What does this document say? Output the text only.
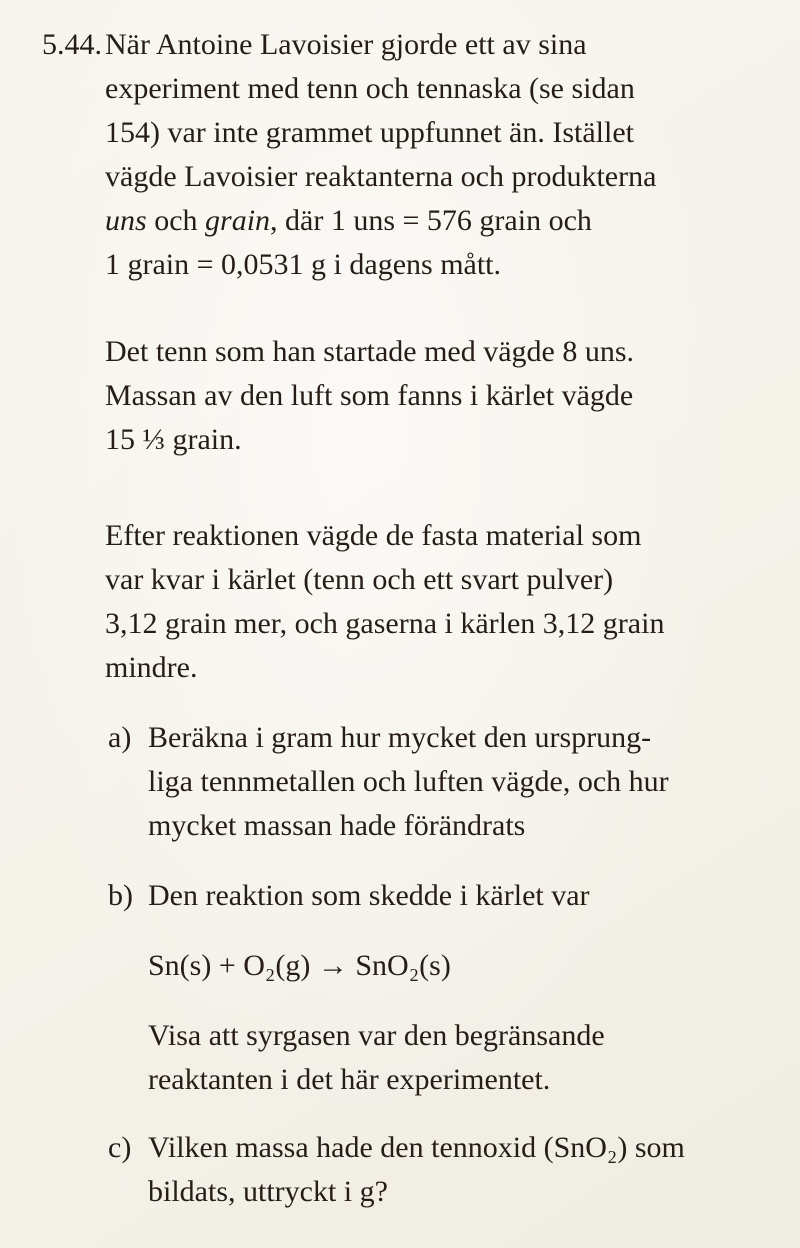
5.44. När Antoine Lavoisier gjorde ett av sina
experiment med tenn och tennaska (se sidan
154) var inte grammet uppfunnet än. Istället
vägde Lavoisier reaktanterna och produkterna
uns och grain, där 1 uns = 576 grain och
1 grain = 0,0531 g i dagens mått.
Det tenn som han startade med vägde 8 uns.
Massan av den luft som fanns i kärlet vägde
15 ⅓ grain.
Efter reaktionen vägde de fasta material som
var kvar i kärlet (tenn och ett svart pulver)
3,12 grain mer, och gaserna i kärlen 3,12 grain
mindre.
a) Beräkna i gram hur mycket den ursprung-
liga tennmetallen och luften vägde, och hur
mycket massan hade förändrats
b) Den reaktion som skedde i kärlet var
Sn(s) + O₂(g) → SnO₂(s)
Visa att syrgasen var den begränsande
reaktanten i det här experimentet.
c) Vilken massa hade den tennoxid (SnO₂) som
bildats, uttryckt i g?
